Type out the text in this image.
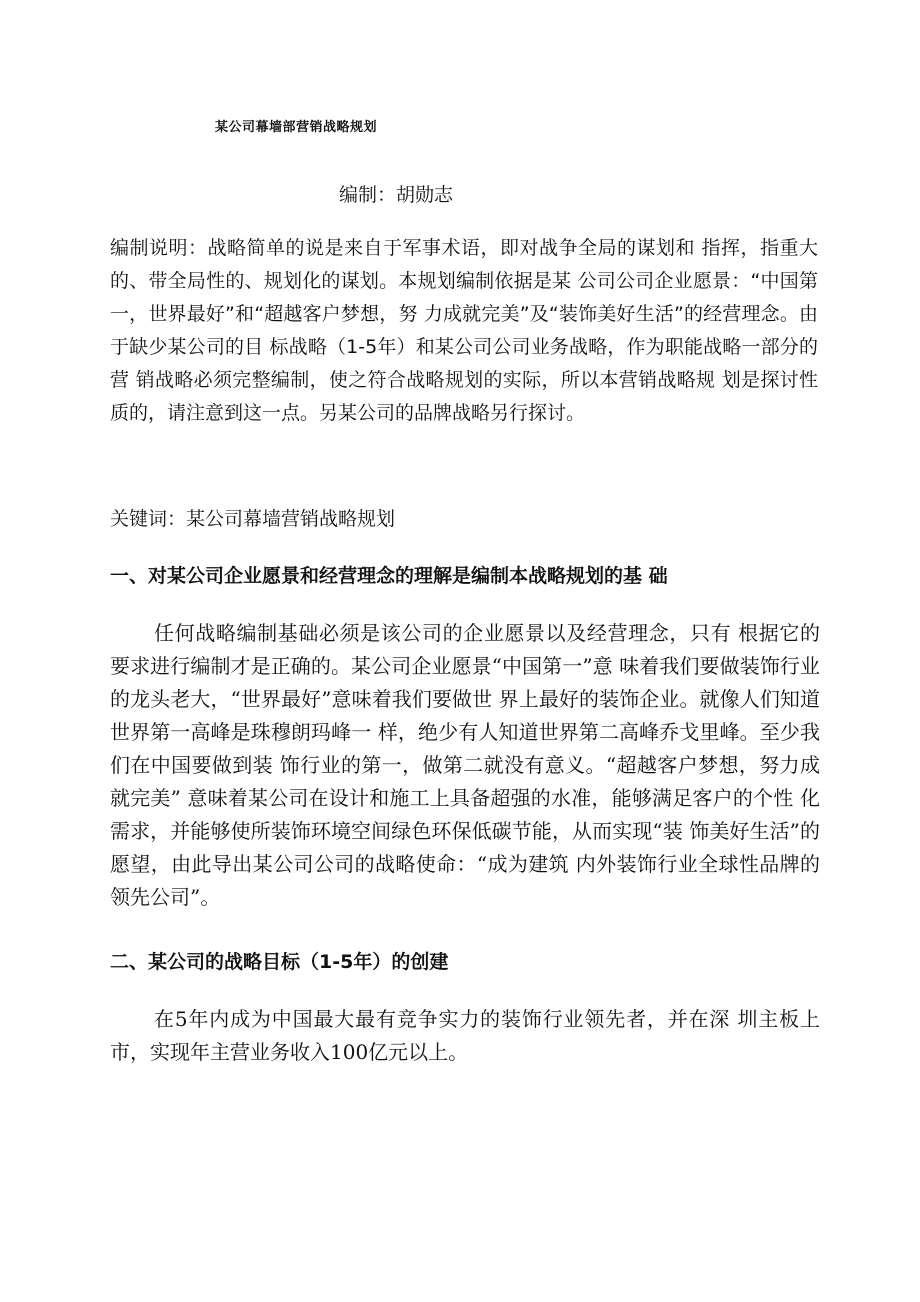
某公司幕墙部营销战略规划
编制：胡勋志

编制说明：战略简单的说是来自于军事术语，即对战争全局的谋划和 指挥，指重大的、带全局性的、规划化的谋划。本规划编制依据是某 公司公司企业愿景：“中国第一，世界最好”和“超越客户梦想，努 力成就完美”及“装饰美好生活”的经营理念。由于缺少某公司的目 标战略（1-5年）和某公司公司业务战略，作为职能战略一部分的营 销战略必须完整编制，使之符合战略规划的实际，所以本营销战略规 划是探讨性质的，请注意到这一点。另某公司的品牌战略另行探讨。

关键词：某公司幕墙营销战略规划

一、对某公司企业愿景和经营理念的理解是编制本战略规划的基 础

任何战略编制基础必须是该公司的企业愿景以及经营理念，只有 根据它的要求进行编制才是正确的。某公司企业愿景“中国第一”意 味着我们要做装饰行业的龙头老大，“世界最好”意味着我们要做世 界上最好的装饰企业。就像人们知道世界第一高峰是珠穆朗玛峰一 样，绝少有人知道世界第二高峰乔戈里峰。至少我们在中国要做到装 饰行业的第一，做第二就没有意义。“超越客户梦想，努力成就完美” 意味着某公司在设计和施工上具备超强的水准，能够满足客户的个性 化需求，并能够使所装饰环境空间绿色环保低碳节能，从而实现“装 饰美好生活”的愿望，由此导出某公司公司的战略使命：“成为建筑 内外装饰行业全球性品牌的领先公司”。

二、某公司的战略目标（1-5年）的创建

在5年内成为中国最大最有竞争实力的装饰行业领先者，并在深 圳主板上市，实现年主营业务收入100亿元以上。
